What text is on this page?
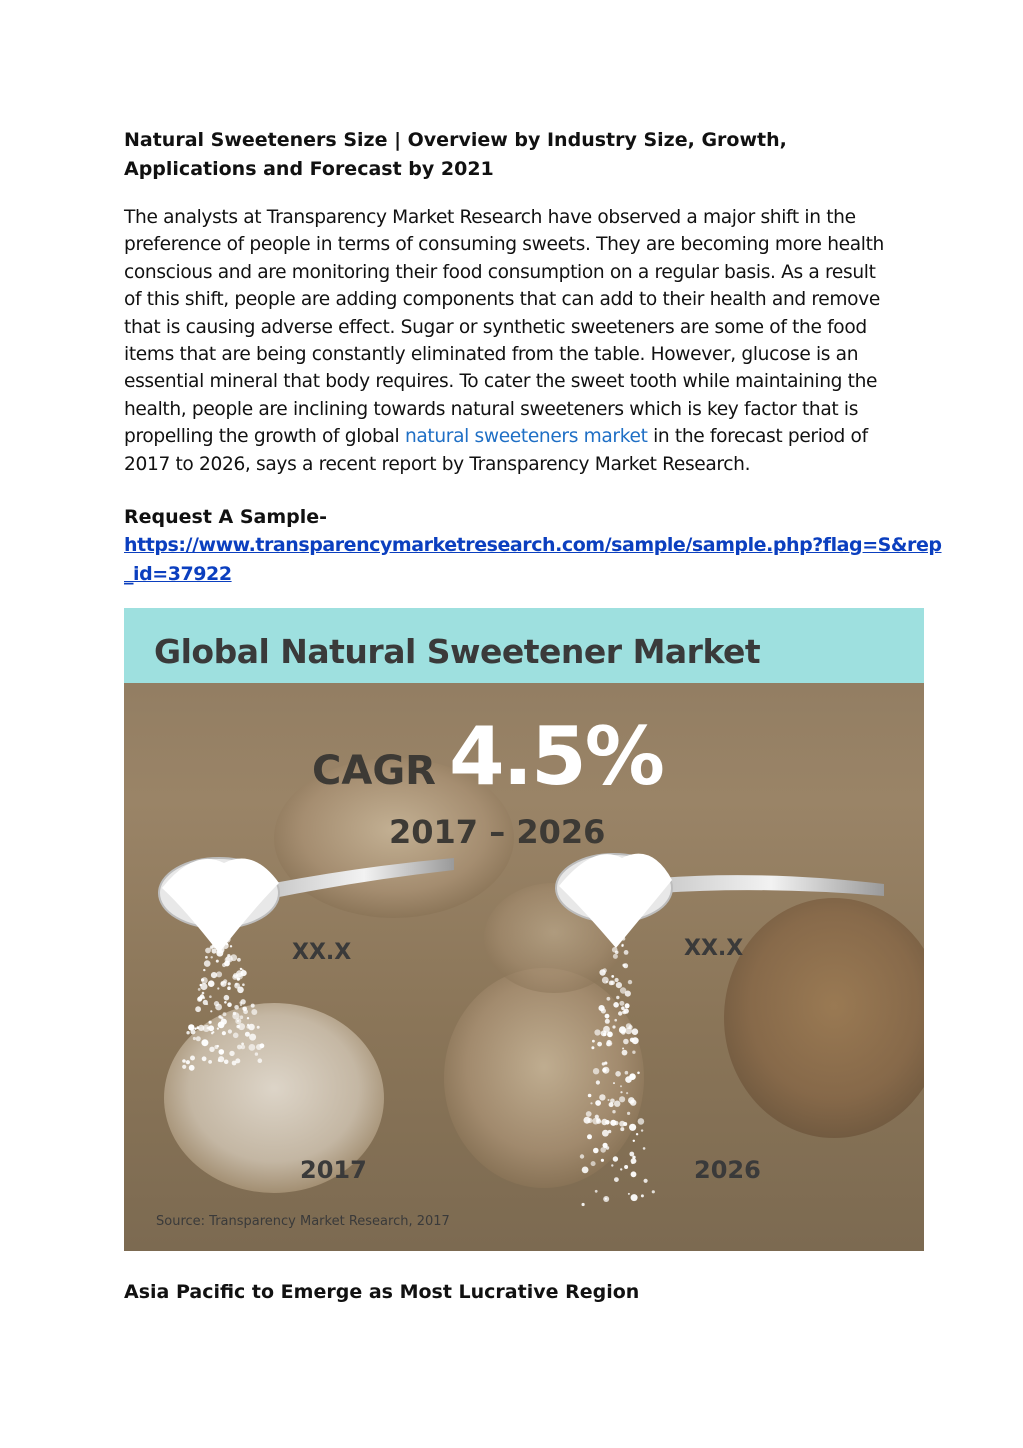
Natural Sweeteners Size | Overview by Industry Size, Growth, Applications and Forecast by 2021

The analysts at Transparency Market Research have observed a major shift in the
preference of people in terms of consuming sweets. They are becoming more health
conscious and are monitoring their food consumption on a regular basis. As a result
of this shift, people are adding components that can add to their health and remove
that is causing adverse effect. Sugar or synthetic sweeteners are some of the food
items that are being constantly eliminated from the table. However, glucose is an
essential mineral that body requires. To cater the sweet tooth while maintaining the
health, people are inclining towards natural sweeteners which is key factor that is
propelling the growth of global natural sweeteners market in the forecast period of
2017 to 2026, says a recent report by Transparency Market Research.

Request A Sample-
https://www.transparencymarketresearch.com/sample/sample.php?flag=S&rep
_id=37922
Global Natural Sweetener Market
CAGR 4.5%
2017 – 2026
XX.X	XX.X
2017	2026
Source: Transparency Market Research, 2017
Asia Pacific to Emerge as Most Lucrative Region
